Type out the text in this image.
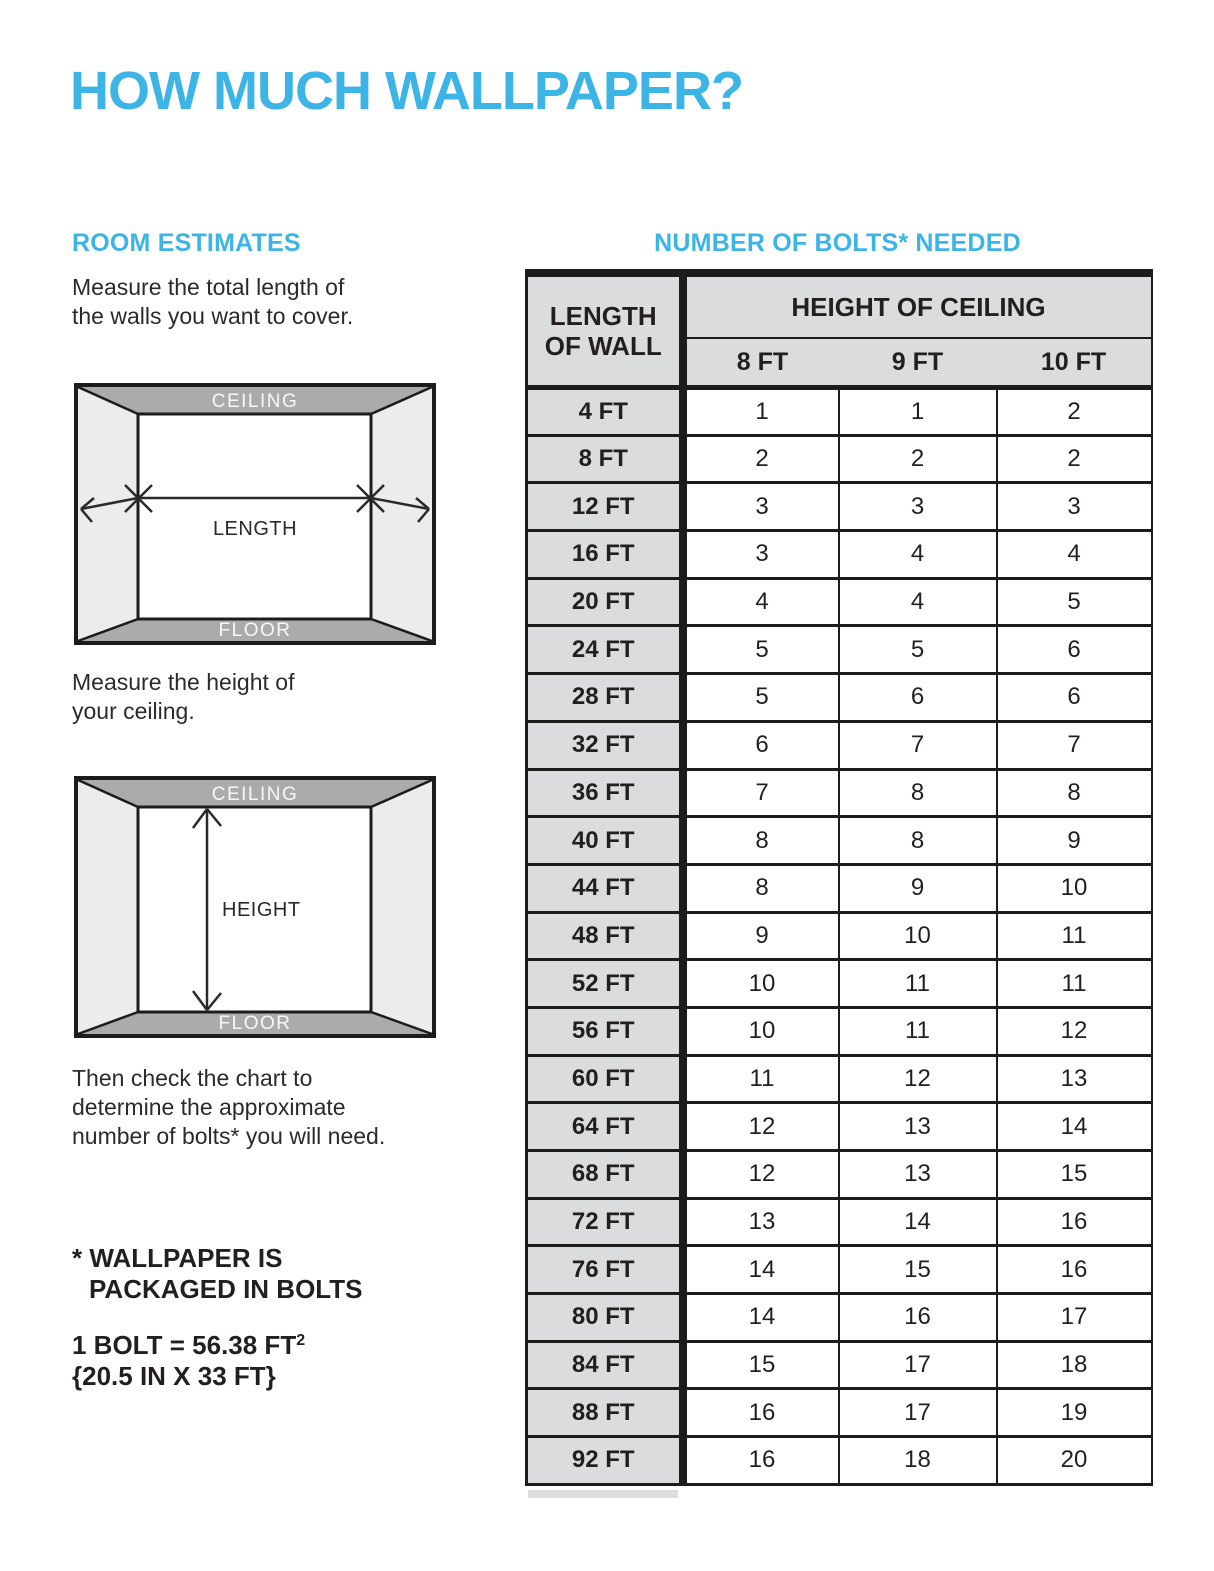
HOW MUCH WALLPAPER?
ROOM ESTIMATES
Measure the total length of
the walls you want to cover.
CEILING
FLOOR
LENGTH
Measure the height of
your ceiling.
CEILING
FLOOR
HEIGHT
Then check the chart to
determine the approximate
number of bolts* you will need.
* WALLPAPER IS
PACKAGED IN BOLTS
1 BOLT = 56.38 $FT^2$
{20.5 IN X 33 FT}
NUMBER OF BOLTS* NEEDED
LENGTH OF WALL	HEIGHT OF CEILING		
	8 FT	9 FT	10 FT
4 FT	1	1	2
8 FT	2	2	2
12 FT	3	3	3
16 FT	3	4	4
20 FT	4	4	5
24 FT	5	5	6
28 FT	5	6	6
32 FT	6	7	7
36 FT	7	8	8
40 FT	8	8	9
44 FT	8	9	10
48 FT	9	10	11
52 FT	10	11	11
56 FT	10	11	12
60 FT	11	12	13
64 FT	12	13	14
68 FT	12	13	15
72 FT	13	14	16
76 FT	14	15	16
80 FT	14	16	17
84 FT	15	17	18
88 FT	16	17	19
92 FT	16	18	20
